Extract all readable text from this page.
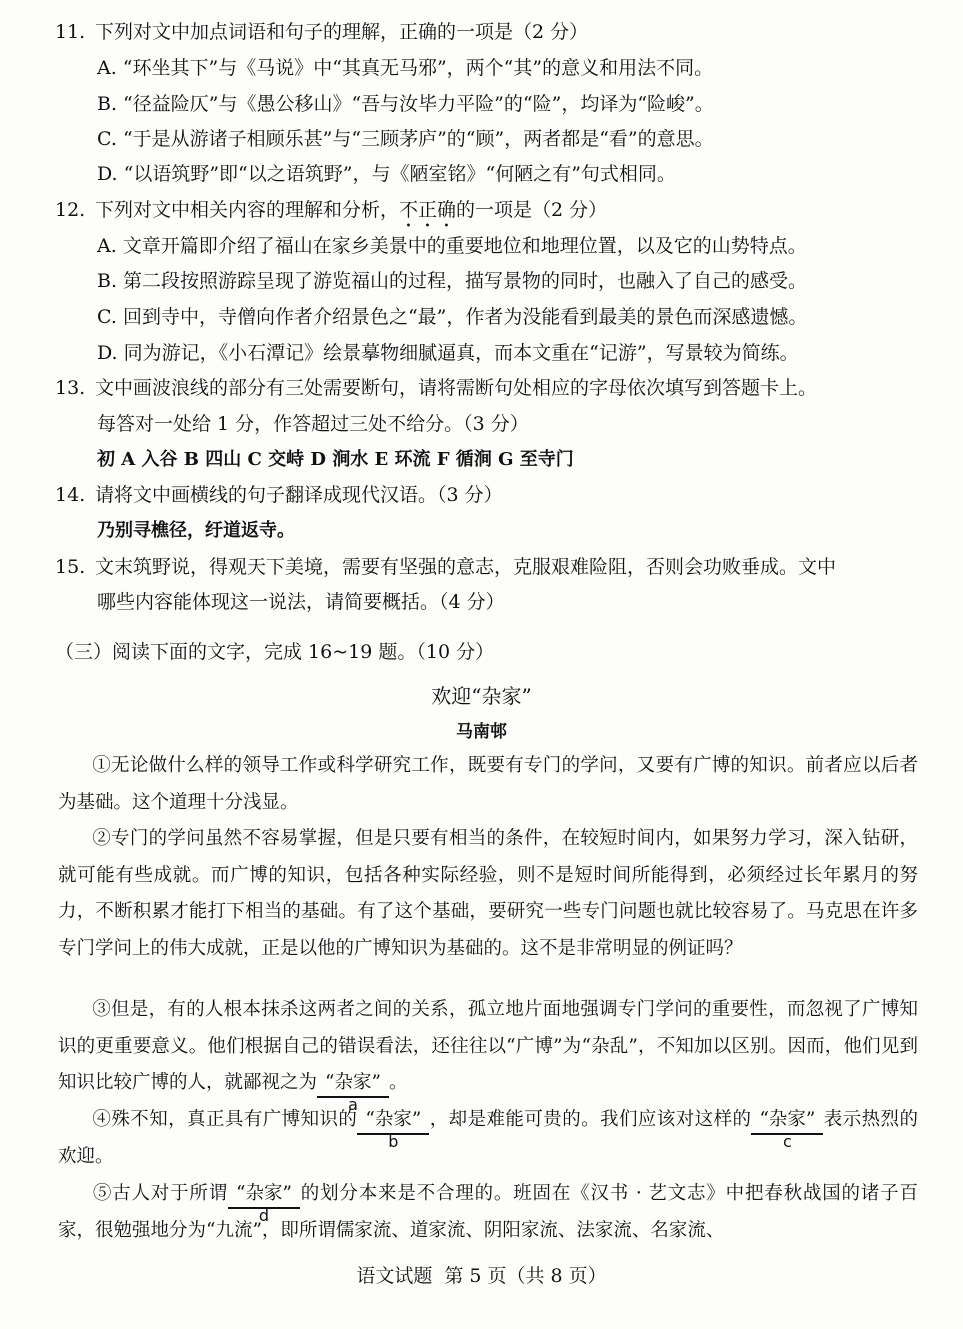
11. 下列对文中加点词语和句子的理解，正确的一项是（2 分）
A. “环坐其下”与《马说》中“其真无马邪”，两个“其”的意义和用法不同。
B. “径益险仄”与《愚公移山》“吾与汝毕力平险”的“险”，均译为“险峻”。
C. “于是从游诸子相顾乐甚”与“三顾茅庐”的“顾”，两者都是“看”的意思。
D. “以语筑野”即“以之语筑野”，与《陋室铭》“何陋之有”句式相同。
12. 下列对文中相关内容的理解和分析，不正确的一项是（2 分）
A. 文章开篇即介绍了福山在家乡美景中的重要地位和地理位置，以及它的山势特点。
B. 第二段按照游踪呈现了游览福山的过程，描写景物的同时，也融入了自己的感受。
C. 回到寺中，寺僧向作者介绍景色之“最”，作者为没能看到最美的景色而深感遗憾。
D. 同为游记，《小石潭记》绘景摹物细腻逼真，而本文重在“记游”，写景较为简练。
13. 文中画波浪线的部分有三处需要断句，请将需断句处相应的字母依次填写到答题卡上。
每答对一处给 1 分，作答超过三处不给分。（3 分）
初 A 入谷 B 四山 C 交峙 D 涧水 E 环流 F 循涧 G 至寺门
14. 请将文中画横线的句子翻译成现代汉语。（3 分）
乃别寻樵径，纡道返寺。
15. 文末筑野说，得观天下美境，需要有坚强的意志，克服艰难险阻，否则会功败垂成。文中
哪些内容能体现这一说法，请简要概括。（4 分）
（三）阅读下面的文字，完成 16~19 题。（10 分）
欢迎“杂家”
马南邨
①无论做什么样的领导工作或科学研究工作，既要有专门的学问，又要有广博的知识。前者应以后者为基础。这个道理十分浅显。
②专门的学问虽然不容易掌握，但是只要有相当的条件，在较短时间内，如果努力学习，深入钻研，就可能有些成就。而广博的知识，包括各种实际经验，则不是短时间所能得到，必须经过长年累月的努力，不断积累才能打下相当的基础。有了这个基础，要研究一些专门问题也就比较容易了。马克思在许多专门学问上的伟大成就，正是以他的广博知识为基础的。这不是非常明显的例证吗？
③但是，有的人根本抹杀这两者之间的关系，孤立地片面地强调专门学问的重要性，而忽视了广博知识的更重要意义。他们根据自己的错误看法，还往往以“广博”为“杂乱”，不知加以区别。因而，他们见到知识比较广博的人，就鄙视之为 “杂家”
a
。
④殊不知，真正具有广博知识的 “杂家”
b
，却是难能可贵的。我们应该对这样的 “杂家”
c
表示热烈的欢迎。
⑤古人对于所谓 “杂家”
d
的划分本来是不合理的。班固在《汉书 · 艺文志》中把春秋战国的诸子百家，很勉强地分为“九流”，即所谓儒家流、道家流、阴阳家流、法家流、名家流、
语文试题 第 5 页（共 8 页）
